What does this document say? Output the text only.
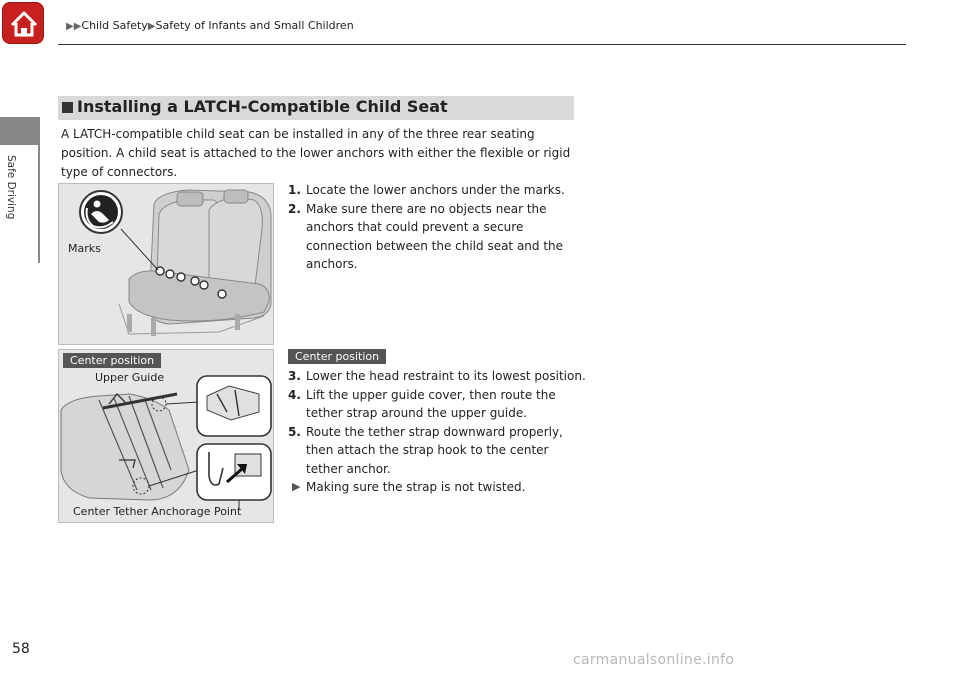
▶▶Child Safety▶Safety of Infants and Small Children
Safe Driving
Installing a LATCH-Compatible Child Seat
A LATCH-compatible child seat can be installed in any of the three rear seating position. A child seat is attached to the lower anchors with either the flexible or rigid type of connectors.
Marks
1. Locate the lower anchors under the marks.
2. Make sure there are no objects near the anchors that could prevent a secure connection between the child seat and the anchors.
Center position
Upper Guide
Center Tether Anchorage Point
Center position
3. Lower the head restraint to its lowest position.
4. Lift the upper guide cover, then route the tether strap around the upper guide.
5. Route the tether strap downward properly, then attach the strap hook to the center tether anchor.
▶ Making sure the strap is not twisted.
58
carmanualsonline.info
